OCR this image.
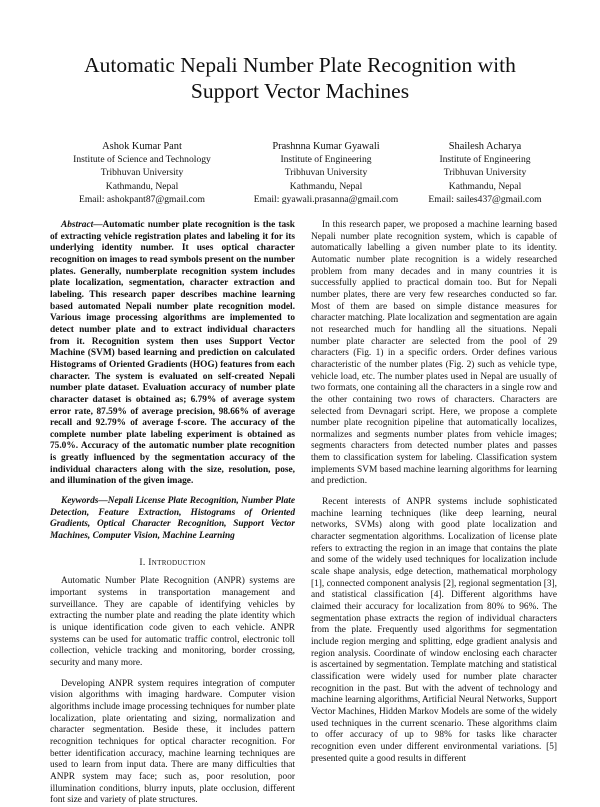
Automatic Nepali Number Plate Recognition with
Support Vector Machines
Ashok Kumar Pant
Institute of Science and Technology
Tribhuvan University
Kathmandu, Nepal
Email: ashokpant87@gmail.com
Prashnna Kumar Gyawali
Institute of Engineering
Tribhuvan University
Kathmandu, Nepal
Email: gyawali.prasanna@gmail.com
Shailesh Acharya
Institute of Engineering
Tribhuvan University
Kathmandu, Nepal
Email: sailes437@gmail.com

Abstract—Automatic number plate recognition is the task of extracting vehicle registration plates and labeling it for its underlying identity number. It uses optical character recognition on images to read symbols present on the number plates. Generally, numberplate recognition system includes plate localization, segmentation, character extraction and labeling. This research paper describes machine learning based automated Nepali number plate recognition model. Various image processing algorithms are implemented to detect number plate and to extract individual characters from it. Recognition system then uses Support Vector Machine (SVM) based learning and prediction on calculated Histograms of Oriented Gradients (HOG) features from each character. The system is evaluated on self-created Nepali number plate dataset. Evaluation accuracy of number plate character dataset is obtained as; 6.79% of average system error rate, 87.59% of average precision, 98.66% of average recall and 92.79% of average f-score. The accuracy of the complete number plate labeling experiment is obtained as 75.0%. Accuracy of the automatic number plate recognition is greatly influenced by the segmentation accuracy of the individual characters along with the size, resolution, pose, and illumination of the given image.

Keywords—Nepali License Plate Recognition, Number Plate Detection, Feature Extraction, Histograms of Oriented Gradients, Optical Character Recognition, Support Vector Machines, Computer Vision, Machine Learning

I. Introduction

Automatic Number Plate Recognition (ANPR) systems are important systems in transportation management and surveillance. They are capable of identifying vehicles by extracting the number plate and reading the plate identity which is unique identification code given to each vehicle. ANPR systems can be used for automatic traffic control, electronic toll collection, vehicle tracking and monitoring, border crossing, security and many more.

Developing ANPR system requires integration of computer vision algorithms with imaging hardware. Computer vision algorithms include image processing techniques for number plate localization, plate orientating and sizing, normalization and character segmentation. Beside these, it includes pattern recognition techniques for optical character recognition. For better identification accuracy, machine learning techniques are used to learn from input data. There are many difficulties that ANPR system may face; such as, poor resolution, poor illumination conditions, blurry inputs, plate occlusion, different font size and variety of plate structures.

In this research paper, we proposed a machine learning based Nepali number plate recognition system, which is capable of automatically labelling a given number plate to its identity. Automatic number plate recognition is a widely researched problem from many decades and in many countries it is successfully applied to practical domain too. But for Nepali number plates, there are very few researches conducted so far. Most of them are based on simple distance measures for character matching. Plate localization and segmentation are again not researched much for handling all the situations. Nepali number plate character are selected from the pool of 29 characters (Fig. 1) in a specific orders. Order defines various characteristic of the number plates (Fig. 2) such as vehicle type, vehicle load, etc. The number plates used in Nepal are usually of two formats, one containing all the characters in a single row and the other containing two rows of characters. Characters are selected from Devnagari script. Here, we propose a complete number plate recognition pipeline that automatically localizes, normalizes and segments number plates from vehicle images; segments characters from detected number plates and passes them to classification system for labeling. Classification system implements SVM based machine learning algorithms for learning and prediction.

Recent interests of ANPR systems include sophisticated machine learning techniques (like deep learning, neural networks, SVMs) along with good plate localization and character segmentation algorithms. Localization of license plate refers to extracting the region in an image that contains the plate and some of the widely used techniques for localization include scale shape analysis, edge detection, mathematical morphology [1], connected component analysis [2], regional segmentation [3], and statistical classification [4]. Different algorithms have claimed their accuracy for localization from 80% to 96%. The segmentation phase extracts the region of individual characters from the plate. Frequently used algorithms for segmentation include region merging and splitting, edge gradient analysis and region analysis. Coordinate of window enclosing each character is ascertained by segmentation. Template matching and statistical classification were widely used for number plate character recognition in the past. But with the advent of technology and machine learning algorithms, Artificial Neural Networks, Support Vector Machines, Hidden Markov Models are some of the widely used techniques in the current scenario. These algorithms claim to offer accuracy of up to 98% for tasks like character recognition even under different environmental variations. [5] presented quite a good results in different
